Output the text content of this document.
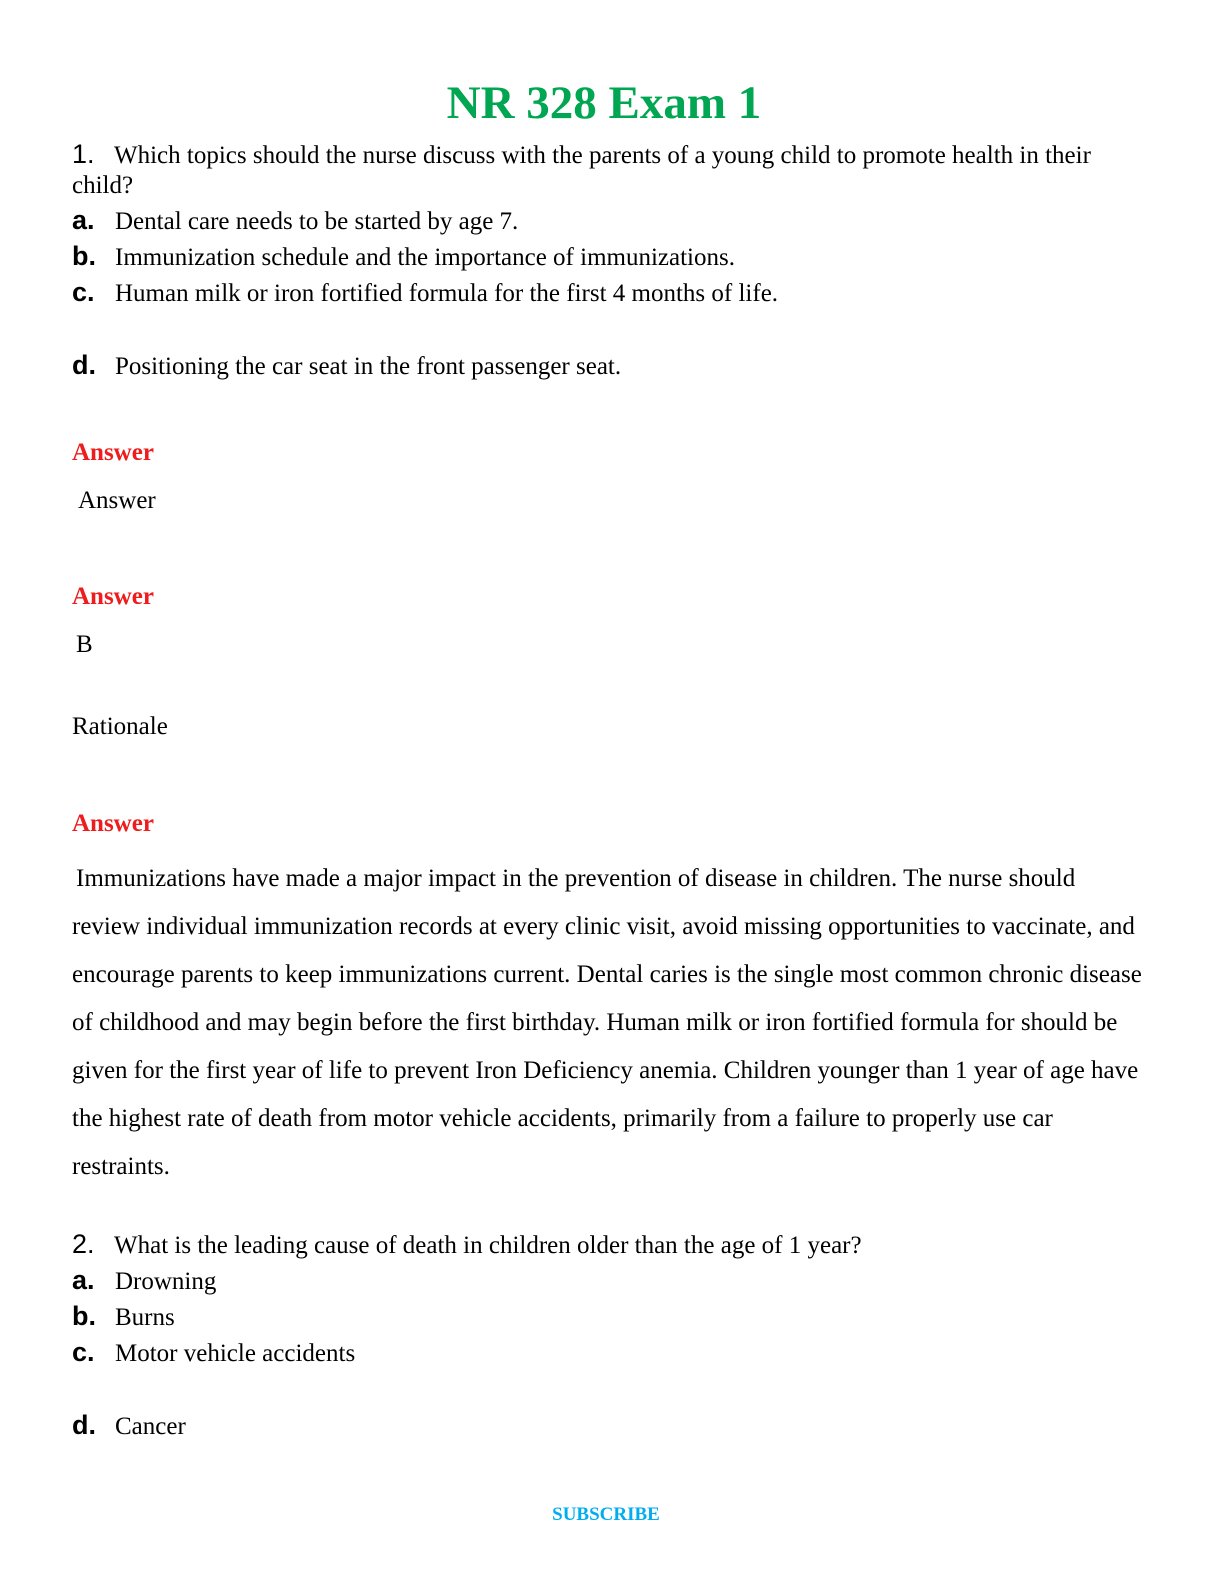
NR 328 Exam 1

1. Which topics should the nurse discuss with the parents of a young child to promote health in their child?

a. Dental care needs to be started by age 7.

b. Immunization schedule and the importance of immunizations.

c. Human milk or iron fortified formula for the first 4 months of life.

d. Positioning the car seat in the front passenger seat.

Answer
Answer
Answer
B
Rationale
Answer

Immunizations have made a major impact in the prevention of disease in children. The nurse should review individual immunization records at every clinic visit, avoid missing opportunities to vaccinate, and encourage parents to keep immunizations current. Dental caries is the single most common chronic disease of childhood and may begin before the first birthday. Human milk or iron fortified formula for should be given for the first year of life to prevent Iron Deficiency anemia. Children younger than 1 year of age have the highest rate of death from motor vehicle accidents, primarily from a failure to properly use car restraints.

2. What is the leading cause of death in children older than the age of 1 year?

a. Drowning

b. Burns

c. Motor vehicle accidents

d. Cancer

SUBSCRIBE
